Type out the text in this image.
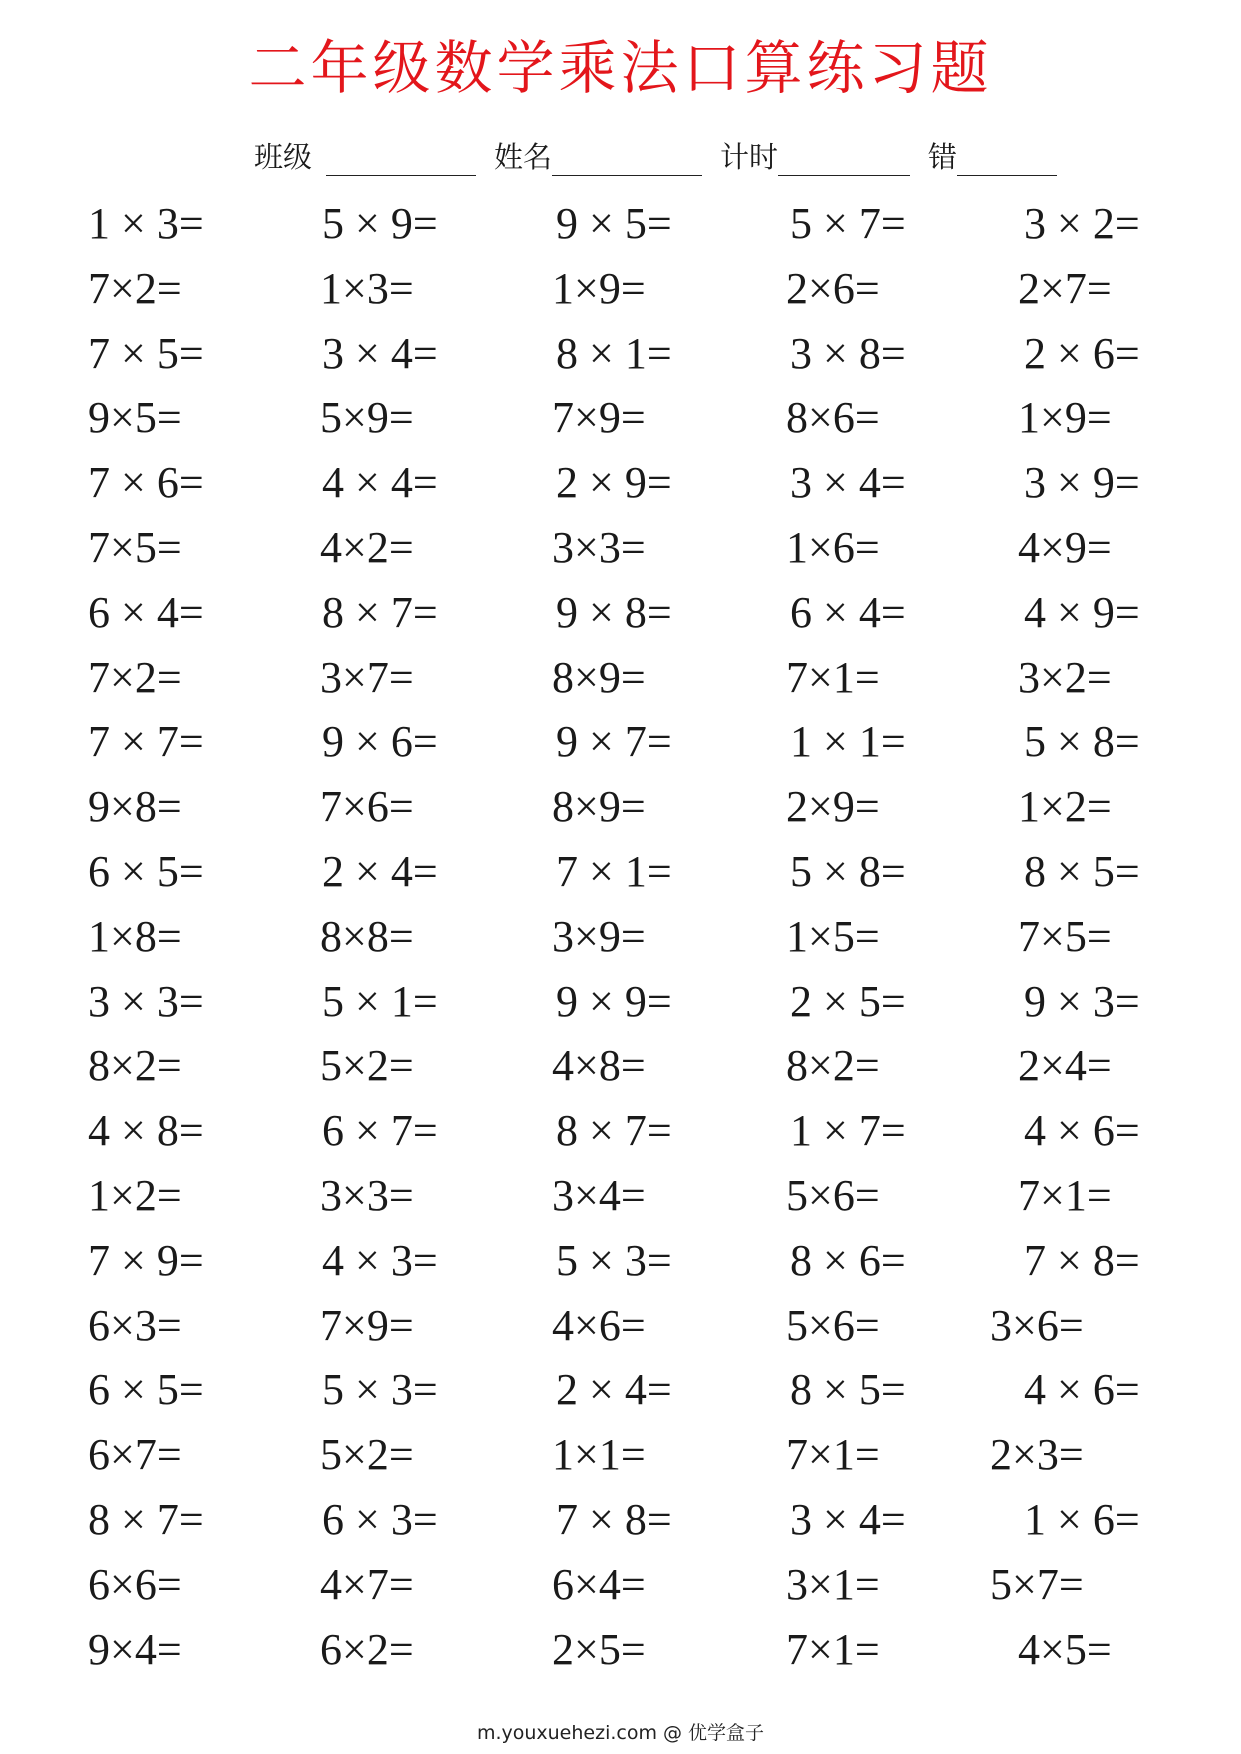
二年级数学乘法口算练习题
班级	姓名	计时	错
1 × 3=	5 × 9=	9 × 5=	5 × 7=	3 × 2=
7×2=	1×3=	1×9=	2×6=	2×7=
7 × 5=	3 × 4=	8 × 1=	3 × 8=	2 × 6=
9×5=	5×9=	7×9=	8×6=	1×9=
7 × 6=	4 × 4=	2 × 9=	3 × 4=	3 × 9=
7×5=	4×2=	3×3=	1×6=	4×9=
6 × 4=	8 × 7=	9 × 8=	6 × 4=	4 × 9=
7×2=	3×7=	8×9=	7×1=	3×2=
7 × 7=	9 × 6=	9 × 7=	1 × 1=	5 × 8=
9×8=	7×6=	8×9=	2×9=	1×2=
6 × 5=	2 × 4=	7 × 1=	5 × 8=	8 × 5=
1×8=	8×8=	3×9=	1×5=	7×5=
3 × 3=	5 × 1=	9 × 9=	2 × 5=	9 × 3=
8×2=	5×2=	4×8=	8×2=	2×4=
4 × 8=	6 × 7=	8 × 7=	1 × 7=	4 × 6=
1×2=	3×3=	3×4=	5×6=	7×1=
7 × 9=	4 × 3=	5 × 3=	8 × 6=	7 × 8=
6×3=	7×9=	4×6=	5×6=	3×6=
6 × 5=	5 × 3=	2 × 4=	8 × 5=	4 × 6=
6×7=	5×2=	1×1=	7×1=	2×3=
8 × 7=	6 × 3=	7 × 8=	3 × 4=	1 × 6=
6×6=	4×7=	6×4=	3×1=	5×7=
9×4=	6×2=	2×5=	7×1=	4×5=
m.youxuehezi.com @ 优学盒子
